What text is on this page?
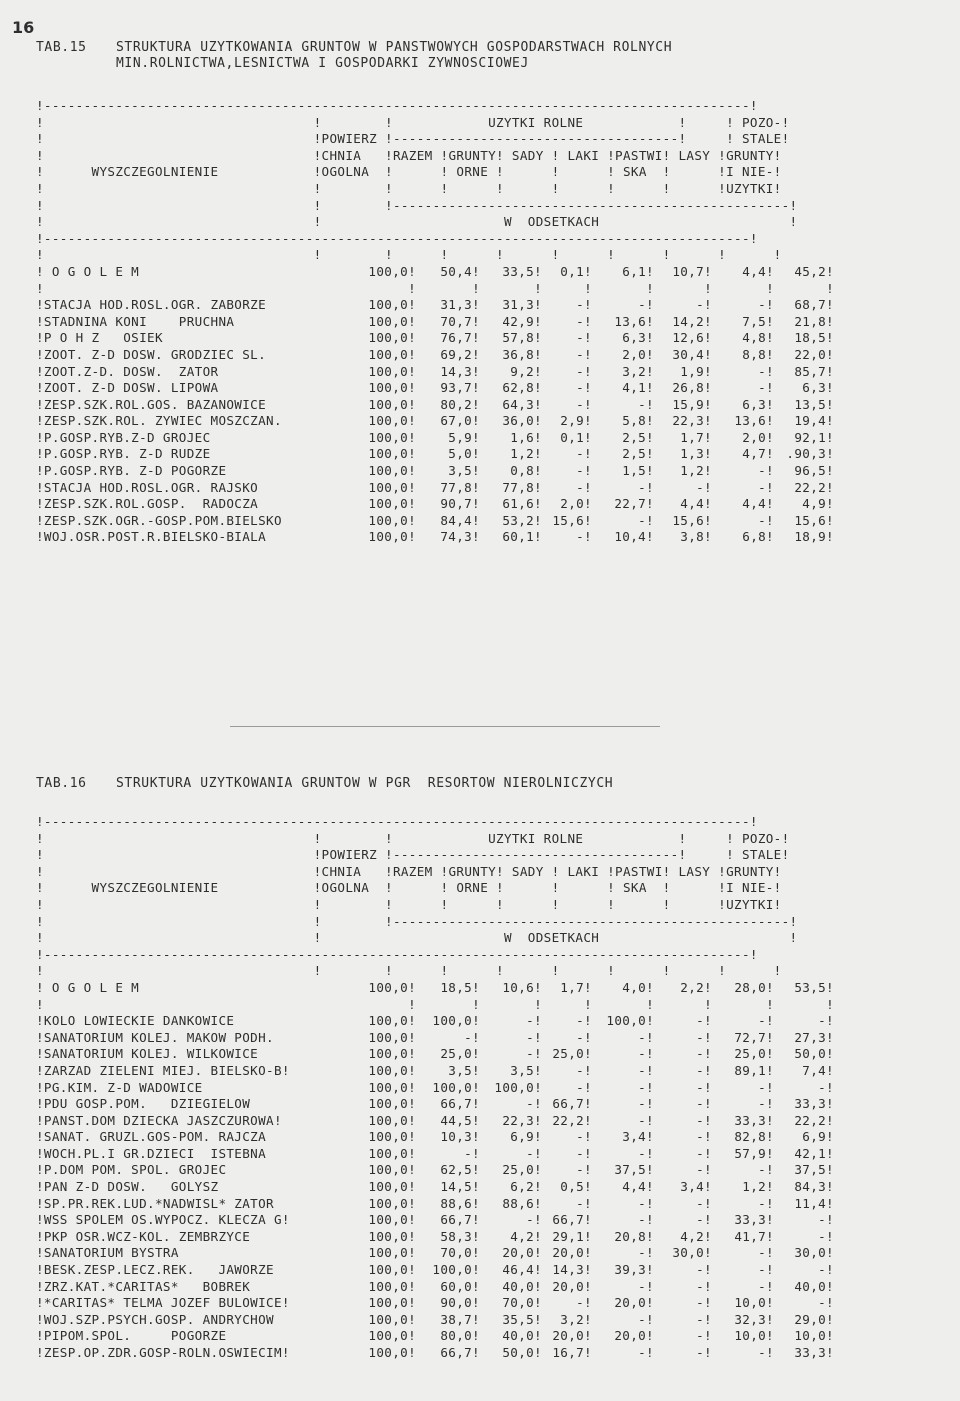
16
TAB.15	STRUKTURA UZYTKOWANIA GRUNTOW W PANSTWOWYCH GOSPODARSTWACH ROLNYCH
MIN.ROLNICTWA,LESNICTWA I GOSPODARKI ZYWNOSCIOWEJ
!-----------------------------------------------------------------------------------------!
!                                  !        !            UZYTKI ROLNE            !     ! POZO-!
!                                  !POWIERZ !------------------------------------!     ! STALE!
!                                  !CHNIA   !RAZEM !GRUNTY! SADY ! LAKI !PASTWI! LASY !GRUNTY!
!      WYSZCZEGOLNIENIE            !OGOLNA  !      ! ORNE !      !      ! SKA  !      !I NIE-!
!                                  !        !      !      !      !      !      !      !UZYTKI!
!                                  !        !--------------------------------------------------!
!                                  !                       W  ODSETKACH                        !
!-----------------------------------------------------------------------------------------!
!                                  !        !      !      !      !      !      !      !      !
! O G O L E M	100,0!	50,4!	33,5!	0,1!	6,1!	10,7!	4,4!	45,2!
!	!	!	!	!	!	!	!	!
!STACJA HOD.ROSL.OGR. ZABORZE	100,0!	31,3!	31,3!	-!	-!	-!	-!	68,7!
!STADNINA KONI    PRUCHNA	100,0!	70,7!	42,9!	-!	13,6!	14,2!	7,5!	21,8!
!P O H Z   OSIEK	100,0!	76,7!	57,8!	-!	6,3!	12,6!	4,8!	18,5!
!ZOOT. Z-D DOSW. GRODZIEC SL.	100,0!	69,2!	36,8!	-!	2,0!	30,4!	8,8!	22,0!
!ZOOT.Z-D. DOSW.  ZATOR	100,0!	14,3!	9,2!	-!	3,2!	1,9!	-!	85,7!
!ZOOT. Z-D DOSW. LIPOWA	100,0!	93,7!	62,8!	-!	4,1!	26,8!	-!	6,3!
!ZESP.SZK.ROL.GOS. BAZANOWICE	100,0!	80,2!	64,3!	-!	-!	15,9!	6,3!	13,5!
!ZESP.SZK.ROL. ZYWIEC MOSZCZAN.	100,0!	67,0!	36,0!	2,9!	5,8!	22,3!	13,6!	19,4!
!P.GOSP.RYB.Z-D GROJEC	100,0!	5,9!	1,6!	0,1!	2,5!	1,7!	2,0!	92,1!
!P.GOSP.RYB. Z-D RUDZE	100,0!	5,0!	1,2!	-!	2,5!	1,3!	4,7! .90,3!
!P.GOSP.RYB. Z-D POGORZE	100,0!	3,5!	0,8!	-!	1,5!	1,2!	-!	96,5!
!STACJA HOD.ROSL.OGR. RAJSKO	100,0!	77,8!	77,8!	-!	-!	-!	-!	22,2!
!ZESP.SZK.ROL.GOSP.  RADOCZA	100,0!	90,7!	61,6!	2,0!	22,7!	4,4!	4,4!	4,9!
!ZESP.SZK.OGR.-GOSP.POM.BIELSKO	100,0!	84,4!	53,2! 15,6!	-!	15,6!	-!	15,6!
!WOJ.OSR.POST.R.BIELSKO-BIALA	100,0!	74,3!	60,1!	-!	10,4!	3,8!	6,8!	18,9!
TAB.16	STRUKTURA UZYTKOWANIA GRUNTOW W PGR  RESORTOW NIEROLNICZYCH
!-----------------------------------------------------------------------------------------!
!                                  !        !            UZYTKI ROLNE            !     ! POZO-!
!                                  !POWIERZ !------------------------------------!     ! STALE!
!                                  !CHNIA   !RAZEM !GRUNTY! SADY ! LAKI !PASTWI! LASY !GRUNTY!
!      WYSZCZEGOLNIENIE            !OGOLNA  !      ! ORNE !      !      ! SKA  !      !I NIE-!
!                                  !        !      !      !      !      !      !      !UZYTKI!
!                                  !        !--------------------------------------------------!
!                                  !                       W  ODSETKACH                        !
!-----------------------------------------------------------------------------------------!
!                                  !        !      !      !      !      !      !      !      !
! O G O L E M	100,0!	18,5!	10,6!	1,7!	4,0!	2,2!	28,0!	53,5!
!	!	!	!	!	!	!	!	!
!KOLO LOWIECKIE DANKOWICE	100,0!	100,0!	-!	-!	100,0!	-!	-!	-!
!SANATORIUM KOLEJ. MAKOW PODH.	100,0!	-!	-!	-!	-!	-!	72,7!	27,3!
!SANATORIUM KOLEJ. WILKOWICE	100,0!	25,0!	-! 25,0!	-!	-!	25,0!	50,0!
!ZARZAD ZIELENI MIEJ. BIELSKO-B!	100,0!	3,5!	3,5!	-!	-!	-!	89,1!	7,4!
!PG.KIM. Z-D WADOWICE	100,0!	100,0!	100,0!	-!	-!	-!	-!	-!
!PDU GOSP.POM.   DZIEGIELOW	100,0!	66,7!	-! 66,7!	-!	-!	-!	33,3!
!PANST.DOM DZIECKA JASZCZUROWA!	100,0!	44,5!	22,3! 22,2!	-!	-!	33,3!	22,2!
!SANAT. GRUZL.GOS-POM. RAJCZA	100,0!	10,3!	6,9!	-!	3,4!	-!	82,8!	6,9!
!WOCH.PL.I GR.DZIECI  ISTEBNA	100,0!	-!	-!	-!	-!	-!	57,9!	42,1!
!P.DOM POM. SPOL. GROJEC	100,0!	62,5!	25,0!	-!	37,5!	-!	-!	37,5!
!PAN Z-D DOSW.   GOLYSZ	100,0!	14,5!	6,2!	0,5!	4,4!	3,4!	1,2!	84,3!
!SP.PR.REK.LUD.*NADWISL* ZATOR	100,0!	88,6!	88,6!	-!	-!	-!	-!	11,4!
!WSS SPOLEM OS.WYPOCZ. KLECZA G!	100,0!	66,7!	-! 66,7!	-!	-!	33,3!	-!
!PKP OSR.WCZ-KOL. ZEMBRZYCE	100,0!	58,3!	4,2! 29,1!	20,8!	4,2!	41,7!	-!
!SANATORIUM BYSTRA	100,0!	70,0!	20,0! 20,0!	-!	30,0!	-!	30,0!
!BESK.ZESP.LECZ.REK.   JAWORZE	100,0!	100,0!	46,4! 14,3!	39,3!	-!	-!	-!
!ZRZ.KAT.*CARITAS*   BOBREK	100,0!	60,0!	40,0! 20,0!	-!	-!	-!	40,0!
!*CARITAS* TELMA JOZEF BULOWICE!	100,0!	90,0!	70,0!	-!	20,0!	-!	10,0!	-!
!WOJ.SZP.PSYCH.GOSP. ANDRYCHOW	100,0!	38,7!	35,5!	3,2!	-!	-!	32,3!	29,0!
!PIPOM.SPOL.     POGORZE	100,0!	80,0!	40,0! 20,0!	20,0!	-!	10,0!	10,0!
!ZESP.OP.ZDR.GOSP-ROLN.OSWIECIM!	100,0!	66,7!	50,0! 16,7!	-!	-!	-!	33,3!
